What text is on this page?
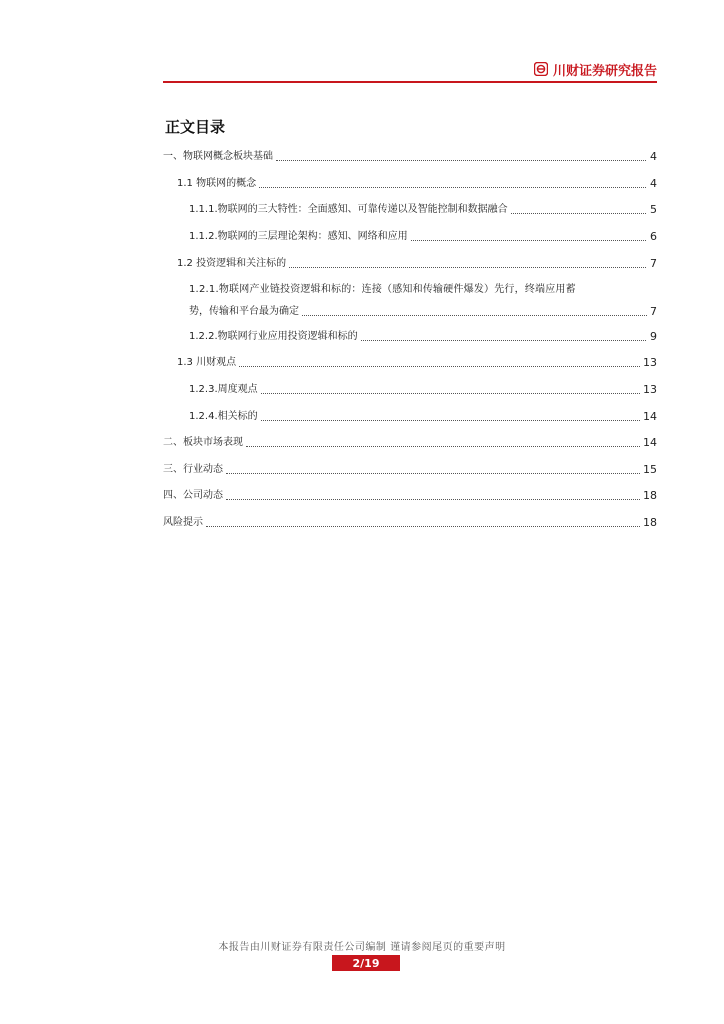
川财证券研究报告
正文目录
一、物联网概念板块基础	4
1.1 物联网的概念	4
1.1.1.物联网的三大特性：全面感知、可靠传递以及智能控制和数据融合	5
1.1.2.物联网的三层理论架构：感知、网络和应用	6
1.2 投资逻辑和关注标的	7
1.2.1.物联网产业链投资逻辑和标的：连接（感知和传输硬件爆发）先行，终端应用蓄
势，传输和平台最为确定	7
1.2.2.物联网行业应用投资逻辑和标的	9
1.3 川财观点	13
1.2.3.周度观点	13
1.2.4.相关标的	14
二、板块市场表现	14
三、行业动态	15
四、公司动态	18
风险提示	18
本报告由川财证券有限责任公司编制 谨请参阅尾页的重要声明
2/19
